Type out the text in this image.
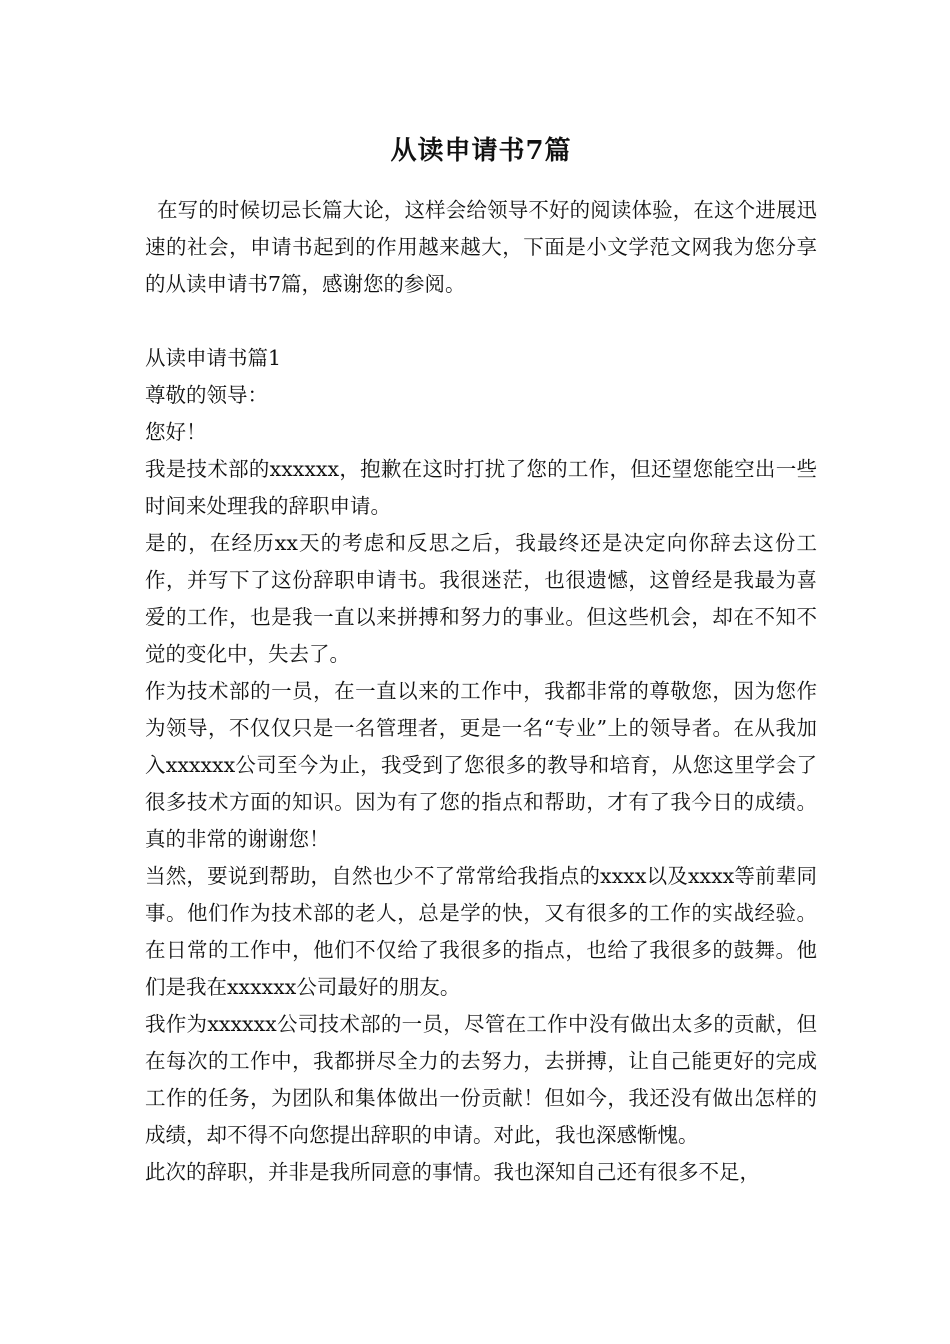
从读申请书7篇

在写的时候切忌长篇大论，这样会给领导不好的阅读体验，在这个进展迅速的社会，申请书起到的作用越来越大，下面是小文学范文网我为您分享的从读申请书7篇，感谢您的参阅。

从读申请书篇1

尊敬的领导：

您好！

我是技术部的xxxxxx，抱歉在这时打扰了您的工作，但还望您能空出一些时间来处理我的辞职申请。

是的，在经历xx天的考虑和反思之后，我最终还是决定向你辞去这份工作，并写下了这份辞职申请书。我很迷茫，也很遗憾，这曾经是我最为喜爱的工作，也是我一直以来拼搏和努力的事业。但这些机会，却在不知不觉的变化中，失去了。

作为技术部的一员，在一直以来的工作中，我都非常的尊敬您，因为您作为领导，不仅仅只是一名管理者，更是一名“专业”上的领导者。在从我加入xxxxxx公司至今为止，我受到了您很多的教导和培育，从您这里学会了很多技术方面的知识。因为有了您的指点和帮助，才有了我今日的成绩。真的非常的谢谢您！

当然，要说到帮助，自然也少不了常常给我指点的xxxx以及xxxx等前辈同事。他们作为技术部的老人，总是学的快，又有很多的工作的实战经验。在日常的工作中，他们不仅给了我很多的指点，也给了我很多的鼓舞。他们是我在xxxxxx公司最好的朋友。

我作为xxxxxx公司技术部的一员，尽管在工作中没有做出太多的贡献，但在每次的工作中，我都拼尽全力的去努力，去拼搏，让自己能更好的完成工作的任务，为团队和集体做出一份贡献！但如今，我还没有做出怎样的成绩，却不得不向您提出辞职的申请。对此，我也深感惭愧。

此次的辞职，并非是我所同意的事情。我也深知自己还有很多不足，
